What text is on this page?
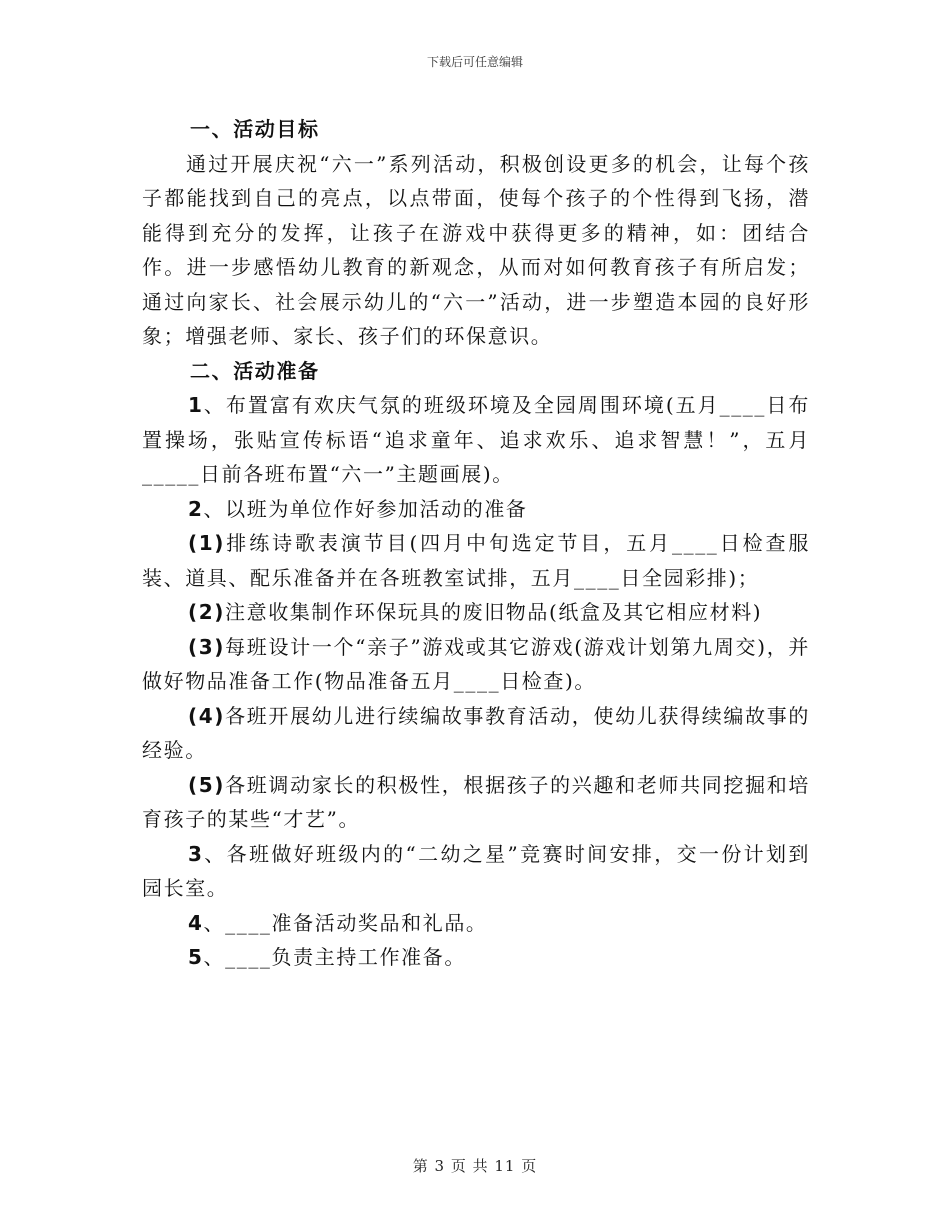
下载后可任意编辑

一、活动目标

通过开展庆祝“六一”系列活动，积极创设更多的机会，让每个孩子都能找到自己的亮点，以点带面，使每个孩子的个性得到飞扬，潜能得到充分的发挥，让孩子在游戏中获得更多的精神，如：团结合作。进一步感悟幼儿教育的新观念，从而对如何教育孩子有所启发；通过向家长、社会展示幼儿的“六一”活动，进一步塑造本园的良好形象；增强老师、家长、孩子们的环保意识。

二、活动准备

1、布置富有欢庆气氛的班级环境及全园周围环境(五月____日布置操场，张贴宣传标语“追求童年、追求欢乐、追求智慧！”，五月_____日前各班布置“六一”主题画展)。

2、以班为单位作好参加活动的准备

(1)排练诗歌表演节目(四月中旬选定节目，五月____日检查服装、道具、配乐准备并在各班教室试排，五月____日全园彩排)；

(2)注意收集制作环保玩具的废旧物品(纸盒及其它相应材料)

(3)每班设计一个“亲子”游戏或其它游戏(游戏计划第九周交)，并做好物品准备工作(物品准备五月____日检查)。

(4)各班开展幼儿进行续编故事教育活动，使幼儿获得续编故事的经验。

(5)各班调动家长的积极性，根据孩子的兴趣和老师共同挖掘和培育孩子的某些“才艺”。

3、各班做好班级内的“二幼之星”竞赛时间安排，交一份计划到园长室。

4、____准备活动奖品和礼品。

5、____负责主持工作准备。

第 3 页 共 11 页
